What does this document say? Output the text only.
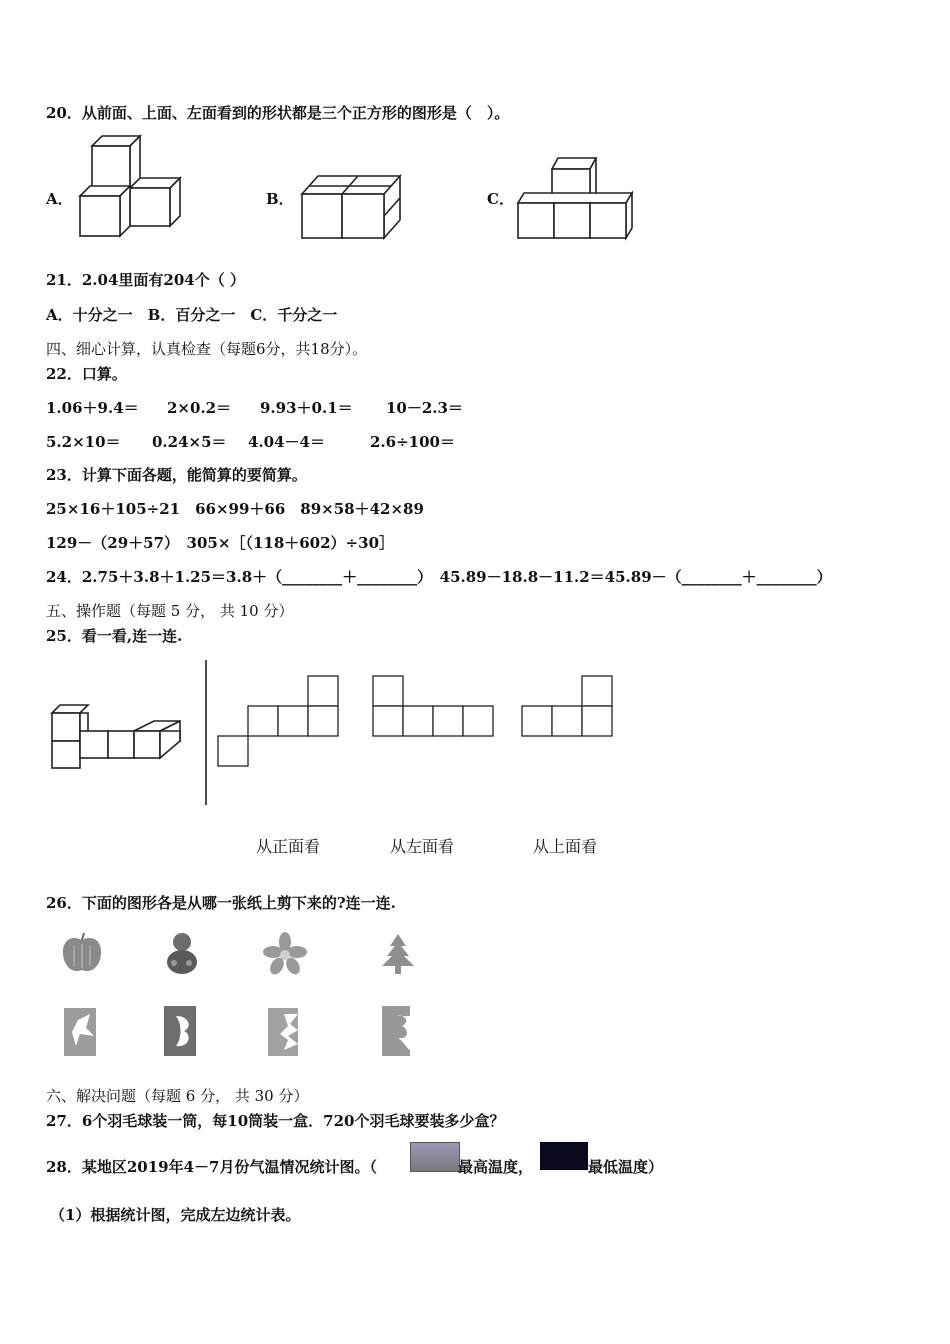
20．从前面、上面、左面看到的形状都是三个正方形的图形是（　）。
A．	B．	C．
21．2.04里面有204个（ ）
A．十分之一　B．百分之一　C．千分之一
四、细心计算，认真检查（每题6分，共18分）。
22．口算。
1.06＋9.4＝ 2×0.2＝ 9.93＋0.1＝ 10－2.3＝
5.2×10＝ 0.24×5＝ 4.04－4＝	2.6÷100＝
23．计算下面各题，能简算的要简算。
25×16＋105÷21　66×99＋66　89×58＋42×89
129－（29＋57）　305×［（118＋602）÷30］
24．2.75＋3.8＋1.25＝3.8＋（________＋________）　45.89－18.8－11.2＝45.89－（________＋________）
五、操作题（每题 5 分， 共 10 分）
25．看一看,连一连.
从正面看	从左面看	从上面看
26．下面的图形各是从哪一张纸上剪下来的?连一连.
六、解决问题（每题 6 分， 共 30 分）
27．6个羽毛球装一筒，每10筒装一盒．720个羽毛球要装多少盒？
28．某地区2019年4－7月份气温情况统计图。（	最高温度，	最低温度）
（1）根据统计图，完成左边统计表。
